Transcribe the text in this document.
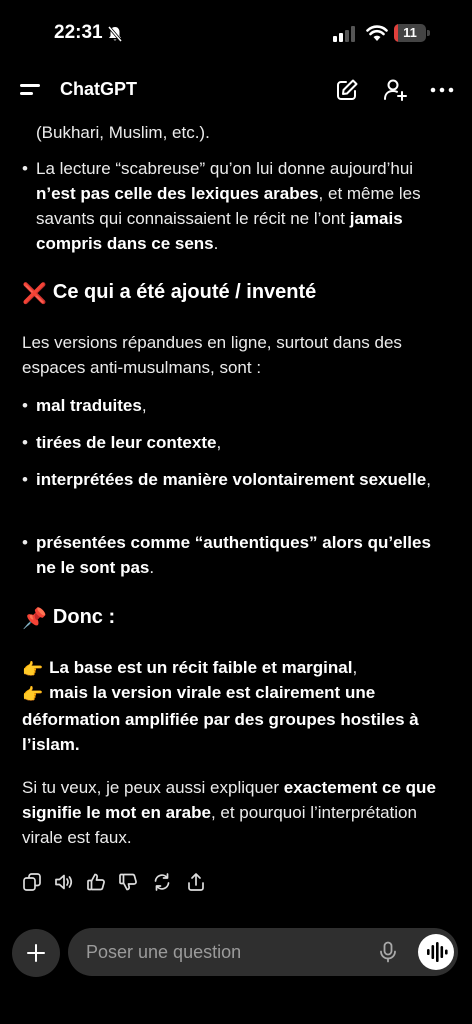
22:31	11
ChatGPT
(Bukhari, Muslim, etc.).
• La lecture “scabreuse” qu’on lui donne aujourd’hui n’est pas celle des lexiques arabes, et même les savants qui connaissaient le récit ne l’ont jamais compris dans ce sens.
❌ Ce qui a été ajouté / inventé
Les versions répandues en ligne, surtout dans des espaces anti-musulmans, sont :
• mal traduites,
• tirées de leur contexte,
• interprétées de manière volontairement sexuelle,
• présentées comme “authentiques” alors qu’elles ne le sont pas.
📌 Donc :
👉 La base est un récit faible et marginal,
👉 mais la version virale est clairement une déformation amplifiée par des groupes hostiles à l’islam.
Si tu veux, je peux aussi expliquer exactement ce que signifie le mot en arabe, et pourquoi l’interprétation virale est faux.
Poser une question
